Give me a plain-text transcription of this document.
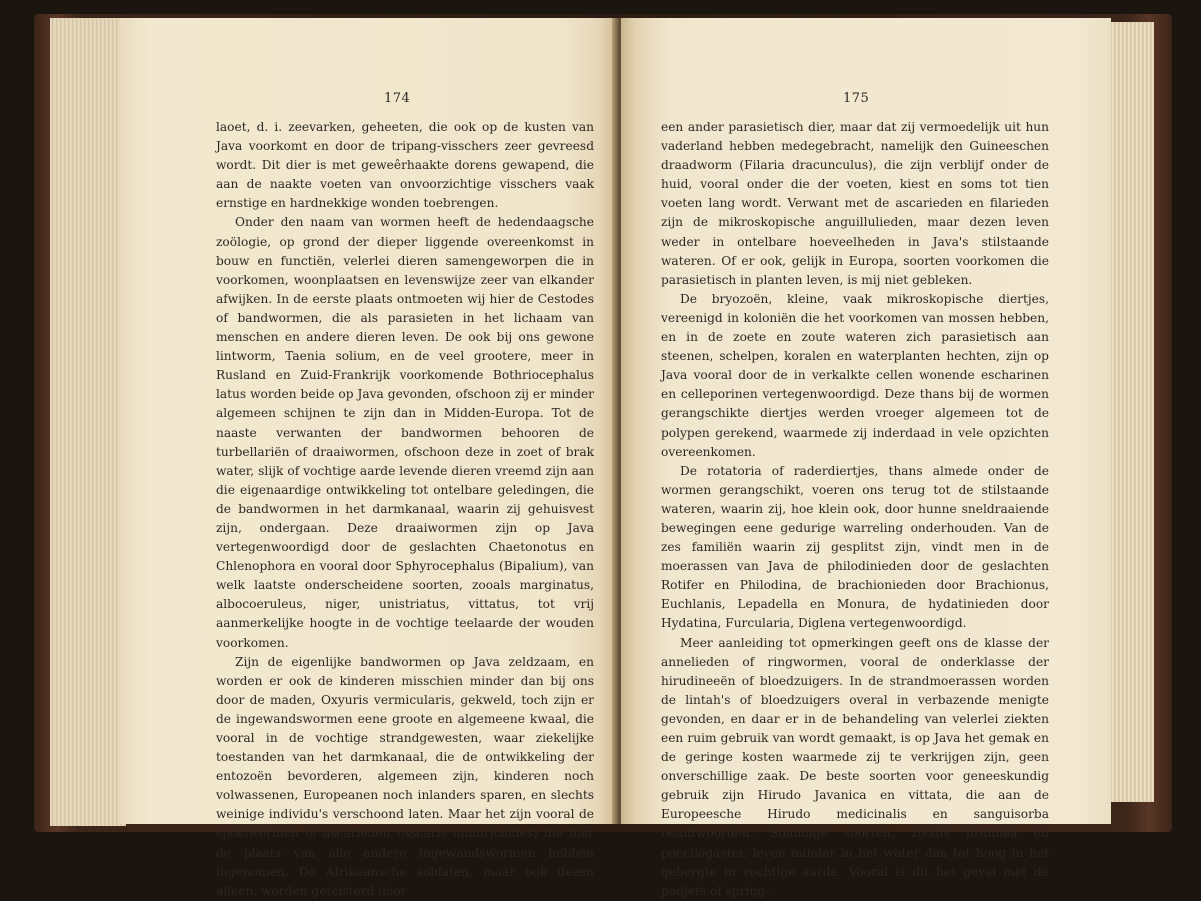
174

laoet, d. i. zeevarken, geheeten, die ook op de kusten van Java voorkomt en door de tripang-visschers zeer gevreesd wordt. Dit dier is met geweêrhaakte dorens gewapend, die aan de naakte voeten van onvoorzichtige visschers vaak ernstige en hardnekkige wonden toebrengen.

Onder den naam van wormen heeft de hedendaagsche zoölogie, op grond der dieper liggende overeenkomst in bouw en functiën, velerlei dieren samengeworpen die in voorkomen, woonplaatsen en levenswijze zeer van elkander afwijken. In de eerste plaats ontmoeten wij hier de Cestodes of bandwormen, die als parasieten in het lichaam van menschen en andere dieren leven. De ook bij ons gewone lintworm, Taenia solium, en de veel grootere, meer in Rusland en Zuid-Frankrijk voorkomende Bothriocephalus latus worden beide op Java gevonden, ofschoon zij er minder algemeen schijnen te zijn dan in Midden-Europa. Tot de naaste verwanten der bandwormen behooren de turbellariën of draaiwormen, ofschoon deze in zoet of brak water, slijk of vochtige aarde levende dieren vreemd zijn aan die eigenaardige ontwikkeling tot ontelbare geledingen, die de bandwormen in het darmkanaal, waarin zij gehuisvest zijn, ondergaan. Deze draaiwormen zijn op Java vertegenwoordigd door de geslachten Chaetonotus en Chlenophora en vooral door Sphyrocephalus (Bipalium), van welk laatste onderscheidene soorten, zooals marginatus, albocoeruleus, niger, unistriatus, vittatus, tot vrij aanmerkelijke hoogte in de vochtige teelaarde der wouden voorkomen.

Zijn de eigenlijke bandwormen op Java zeldzaam, en worden er ook de kinderen misschien minder dan bij ons door de maden, Oxyuris vermicularis, gekweld, toch zijn er de ingewandswormen eene groote en algemeene kwaal, die vooral in de vochtige strandgewesten, waar ziekelijke toestanden van het darmkanaal, die de ontwikkeling der entozoën bevorderen, algemeen zijn, kinderen noch volwassenen, Europeanen noch inlanders sparen, en slechts weinige individu's verschoond laten. Maar het zijn vooral de spoelwormen of ascarieden (Ascaris lumbricoïdes) die hier de plaats van alle andere ingewandswormen hebben ingenomen. De Afrikaansche soldaten, maar ook dezen alleen, worden geteisterd door

175

een ander parasietisch dier, maar dat zij vermoedelijk uit hun vaderland hebben medegebracht, namelijk den Guineeschen draadworm (Filaria dracunculus), die zijn verblijf onder de huid, vooral onder die der voeten, kiest en soms tot tien voeten lang wordt. Verwant met de ascarieden en filarieden zijn de mikroskopische anguillulieden, maar dezen leven weder in ontelbare hoeveelheden in Java's stilstaande wateren. Of er ook, gelijk in Europa, soorten voorkomen die parasietisch in planten leven, is mij niet gebleken.

De bryozoën, kleine, vaak mikroskopische diertjes, vereenigd in koloniën die het voorkomen van mossen hebben, en in de zoete en zoute wateren zich parasietisch aan steenen, schelpen, koralen en waterplanten hechten, zijn op Java vooral door de in verkalkte cellen wonende escharinen en celleporinen vertegenwoordigd. Deze thans bij de wormen gerangschikte diertjes werden vroeger algemeen tot de polypen gerekend, waarmede zij inderdaad in vele opzichten overeenkomen.

De rotatoria of raderdiertjes, thans almede onder de wormen gerangschikt, voeren ons terug tot de stilstaande wateren, waarin zij, hoe klein ook, door hunne sneldraaiende bewegingen eene gedurige warreling onderhouden. Van de zes familiën waarin zij gesplitst zijn, vindt men in de moerassen van Java de philodinieden door de geslachten Rotifer en Philodina, de brachionieden door Brachionus, Euchlanis, Lepadella en Monura, de hydatinieden door Hydatina, Furcularia, Diglena vertegenwoordigd.

Meer aanleiding tot opmerkingen geeft ons de klasse der annelieden of ringwormen, vooral de onderklasse der hirudineeën of bloedzuigers. In de strandmoerassen worden de lintah's of bloedzuigers overal in verbazende menigte gevonden, en daar er in de behandeling van velerlei ziekten een ruim gebruik van wordt gemaakt, is op Java het gemak en de geringe kosten waarmede zij te verkrijgen zijn, geen onverschillige zaak. De beste soorten voor geneeskundig gebruik zijn Hirudo Javanica en vittata, die aan de Europeesche Hirudo medicinalis en sanguisorba beantwoorden. Sommige soorten, zooals brunnea en poecilogaster, leven minder in het water dan tot hoog in het gebergte in vochtige aarde. Vooral is dit het geval met de padjets of spring-
